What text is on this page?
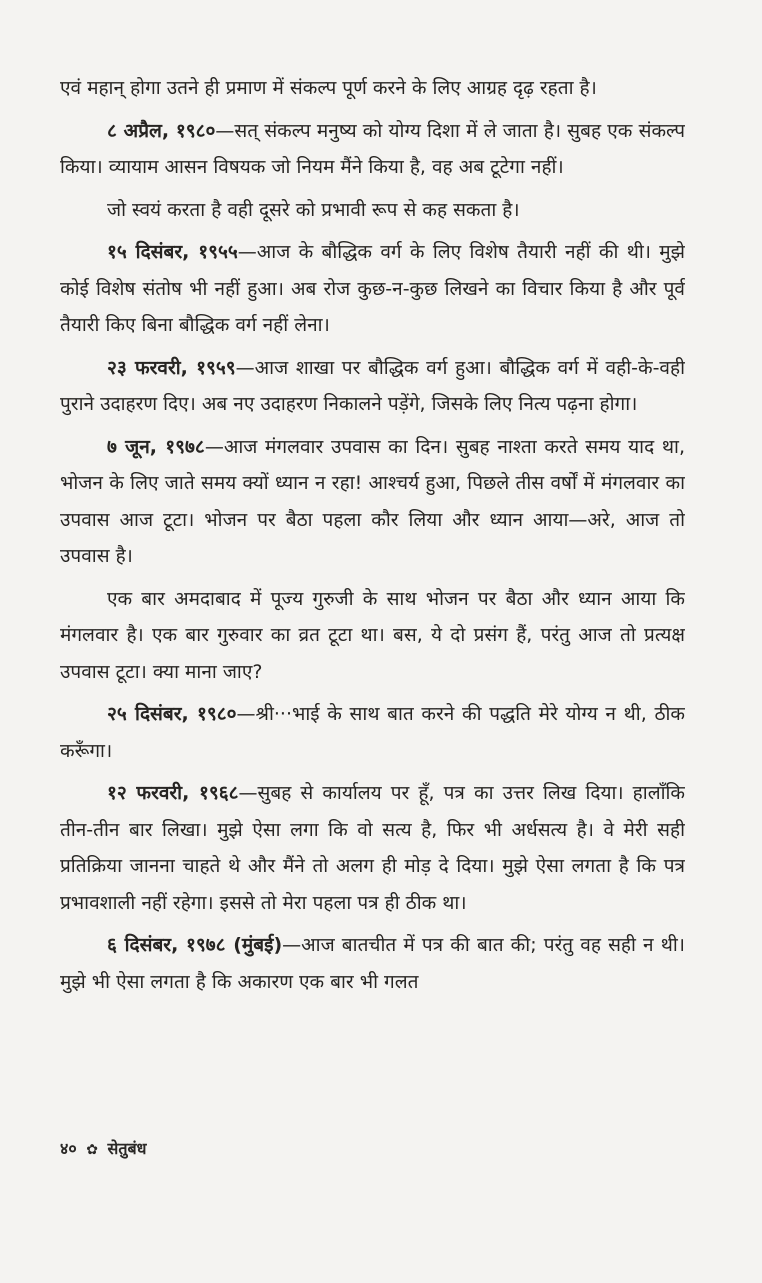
एवं महान् होगा उतने ही प्रमाण में संकल्प पूर्ण करने के लिए आग्रह दृढ़ रहता है।

८ अप्रैल, १९८०—सत् संकल्प मनुष्य को योग्य दिशा में ले जाता है। सुबह एक संकल्प किया। व्यायाम आसन विषयक जो नियम मैंने किया है, वह अब टूटेगा नहीं।

जो स्वयं करता है वही दूसरे को प्रभावी रूप से कह सकता है।

१५ दिसंबर, १९५५—आज के बौद्धिक वर्ग के लिए विशेष तैयारी नहीं की थी। मुझे कोई विशेष संतोष भी नहीं हुआ। अब रोज कुछ-न-कुछ लिखने का विचार किया है और पूर्व तैयारी किए बिना बौद्धिक वर्ग नहीं लेना।

२३ फरवरी, १९५९—आज शाखा पर बौद्धिक वर्ग हुआ। बौद्धिक वर्ग में वही-के-वही पुराने उदाहरण दिए। अब नए उदाहरण निकालने पड़ेंगे, जिसके लिए नित्य पढ़ना होगा।

७ जून, १९७८—आज मंगलवार उपवास का दिन। सुबह नाश्ता करते समय याद था, भोजन के लिए जाते समय क्यों ध्यान न रहा! आश्चर्य हुआ, पिछले तीस वर्षों में मंगलवार का उपवास आज टूटा। भोजन पर बैठा पहला कौर लिया और ध्यान आया—अरे, आज तो उपवास है।

एक बार अमदाबाद में पूज्य गुरुजी के साथ भोजन पर बैठा और ध्यान आया कि मंगलवार है। एक बार गुरुवार का व्रत टूटा था। बस, ये दो प्रसंग हैं, परंतु आज तो प्रत्यक्ष उपवास टूटा। क्या माना जाए?

२५ दिसंबर, १९८०—श्री···भाई के साथ बात करने की पद्धति मेरे योग्य न थी, ठीक करूँगा।

१२ फरवरी, १९६८—सुबह से कार्यालय पर हूँ, पत्र का उत्तर लिख दिया। हालाँकि तीन-तीन बार लिखा। मुझे ऐसा लगा कि वो सत्य है, फिर भी अर्धसत्य है। वे मेरी सही प्रतिक्रिया जानना चाहते थे और मैंने तो अलग ही मोड़ दे दिया। मुझे ऐसा लगता है कि पत्र प्रभावशाली नहीं रहेगा। इससे तो मेरा पहला पत्र ही ठीक था।

६ दिसंबर, १९७८ (मुंबई)—आज बातचीत में पत्र की बात की; परंतु वह सही न थी। मुझे भी ऐसा लगता है कि अकारण एक बार भी गलत

४० ✿ सेतुबंध
